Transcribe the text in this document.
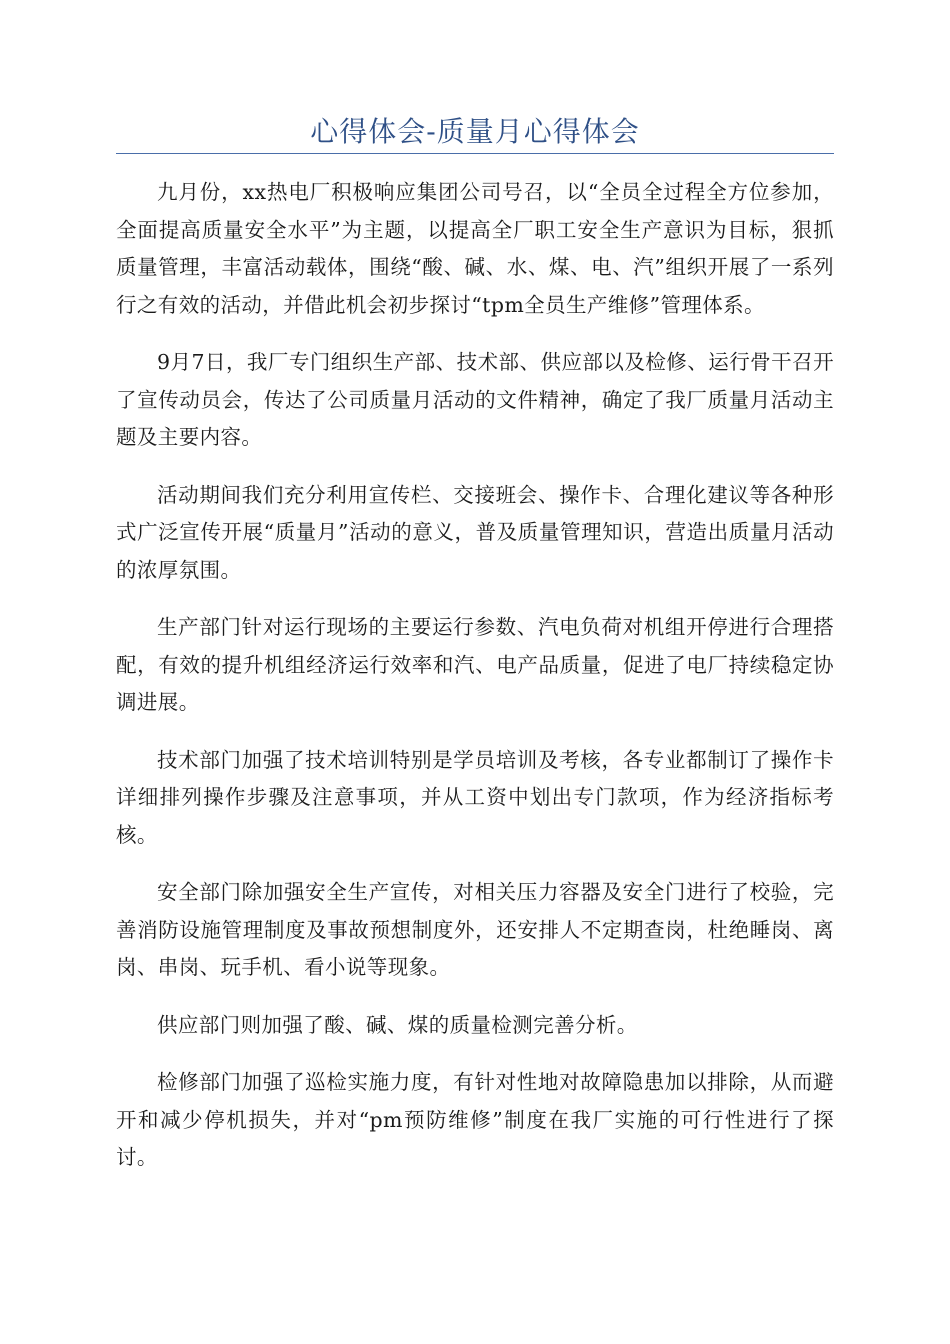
心得体会-质量月心得体会

九月份，xx热电厂积极响应集团公司号召，以“全员全过程全方位参加，全面提高质量安全水平”为主题，以提高全厂职工安全生产意识为目标，狠抓质量管理，丰富活动载体，围绕“酸、碱、水、煤、电、汽”组织开展了一系列行之有效的活动，并借此机会初步探讨“tpm全员生产维修”管理体系。

9月7日，我厂专门组织生产部、技术部、供应部以及检修、运行骨干召开了宣传动员会，传达了公司质量月活动的文件精神，确定了我厂质量月活动主题及主要内容。

活动期间我们充分利用宣传栏、交接班会、操作卡、合理化建议等各种形式广泛宣传开展“质量月”活动的意义，普及质量管理知识，营造出质量月活动的浓厚氛围。

生产部门针对运行现场的主要运行参数、汽电负荷对机组开停进行合理搭配，有效的提升机组经济运行效率和汽、电产品质量，促进了电厂持续稳定协调进展。

技术部门加强了技术培训特别是学员培训及考核，各专业都制订了操作卡详细排列操作步骤及注意事项，并从工资中划出专门款项，作为经济指标考核。

安全部门除加强安全生产宣传，对相关压力容器及安全门进行了校验，完善消防设施管理制度及事故预想制度外，还安排人不定期查岗，杜绝睡岗、离岗、串岗、玩手机、看小说等现象。

供应部门则加强了酸、碱、煤的质量检测完善分析。

检修部门加强了巡检实施力度，有针对性地对故障隐患加以排除，从而避开和减少停机损失，并对“pm预防维修”制度在我厂实施的可行性进行了探讨。
